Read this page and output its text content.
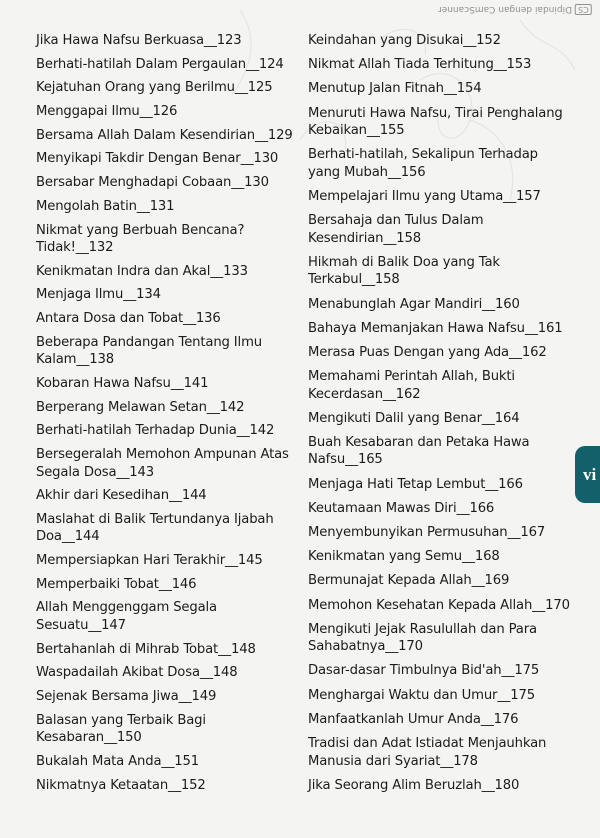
CS
Dipindai dengan CamScanner

Jika Hawa Nafsu Berkuasa__123

Berhati-hatilah Dalam Pergaulan__124

Kejatuhan Orang yang Berilmu__125

Menggapai Ilmu__126

Bersama Allah Dalam Kesendirian__129

Menyikapi Takdir Dengan Benar__130

Bersabar Menghadapi Cobaan__130

Mengolah Batin__131

Nikmat yang Berbuah Bencana? Tidak!__132

Kenikmatan Indra dan Akal__133

Menjaga Ilmu__134

Antara Dosa dan Tobat__136

Beberapa Pandangan Tentang Ilmu Kalam__138

Kobaran Hawa Nafsu__141

Berperang Melawan Setan__142

Berhati-hatilah Terhadap Dunia__142

Bersegeralah Memohon Ampunan Atas Segala Dosa__143

Akhir dari Kesedihan__144

Maslahat di Balik Tertundanya Ijabah Doa__144

Mempersiapkan Hari Terakhir__145

Memperbaiki Tobat__146

Allah Menggenggam Segala Sesuatu__147

Bertahanlah di Mihrab Tobat__148

Waspadailah Akibat Dosa__148

Sejenak Bersama Jiwa__149

Balasan yang Terbaik Bagi Kesabaran__150

Bukalah Mata Anda__151

Nikmatnya Ketaatan__152

Keindahan yang Disukai__152

Nikmat Allah Tiada Terhitung__153

Menutup Jalan Fitnah__154

Menuruti Hawa Nafsu, Tirai Penghalang Kebaikan__155

Berhati-hatilah, Sekalipun Terhadap yang Mubah__156

Mempelajari Ilmu yang Utama__157

Bersahaja dan Tulus Dalam Kesendirian__158

Hikmah di Balik Doa yang Tak Terkabul__158

Menabunglah Agar Mandiri__160

Bahaya Memanjakan Hawa Nafsu__161

Merasa Puas Dengan yang Ada__162

Memahami Perintah Allah, Bukti Kecerdasan__162

Mengikuti Dalil yang Benar__164

Buah Kesabaran dan Petaka Hawa Nafsu__165

Menjaga Hati Tetap Lembut__166

Keutamaan Mawas Diri__166

Menyembunyikan Permusuhan__167

Kenikmatan yang Semu__168

Bermunajat Kepada Allah__169

Memohon Kesehatan Kepada Allah__170

Mengikuti Jejak Rasulullah dan Para Sahabatnya__170

Dasar-dasar Timbulnya Bid'ah__175

Menghargai Waktu dan Umur__175

Manfaatkanlah Umur Anda__176

Tradisi dan Adat Istiadat Menjauhkan Manusia dari Syariat__178

Jika Seorang Alim Beruzlah__180

vi
